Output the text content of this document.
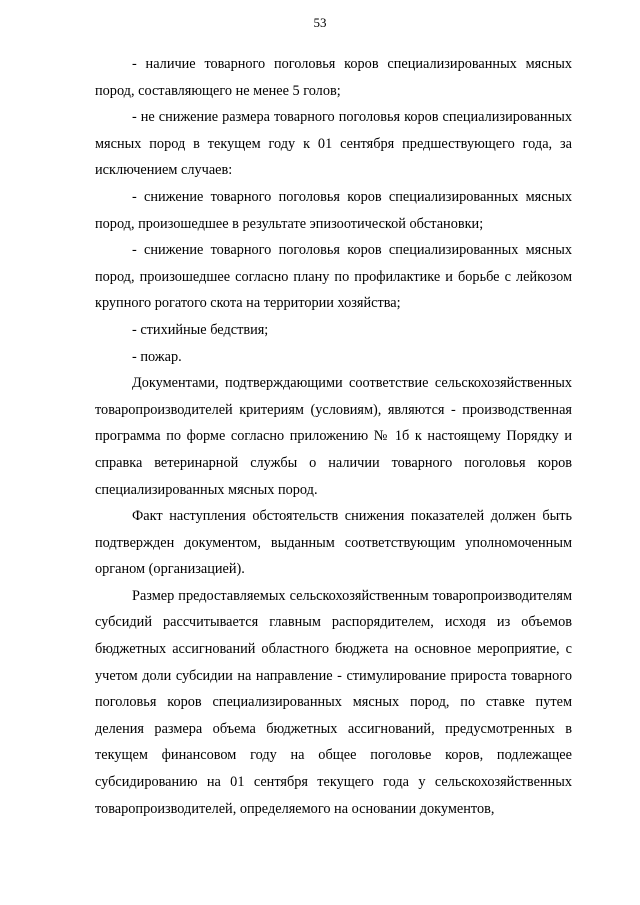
53

- наличие товарного поголовья коров специализированных мясных пород, составляющего не менее 5 голов;

- не снижение размера товарного поголовья коров специализированных мясных пород в текущем году к 01 сентября предшествующего года, за исключением случаев:

- снижение товарного поголовья коров специализированных мясных пород, произошедшее в результате эпизоотической обстановки;

- снижение товарного поголовья коров специализированных мясных пород, произошедшее согласно плану по профилактике и борьбе с лейкозом крупного рогатого скота на территории хозяйства;

- стихийные бедствия;

- пожар.

Документами, подтверждающими соответствие сельскохозяйственных товаропроизводителей критериям (условиям), являются - производственная программа по форме согласно приложению № 1б к настоящему Порядку и справка ветеринарной службы о наличии товарного поголовья коров специализированных мясных пород.

Факт наступления обстоятельств снижения показателей должен быть подтвержден документом, выданным соответствующим уполномоченным органом (организацией).

Размер предоставляемых сельскохозяйственным товаропроизводителям субсидий рассчитывается главным распорядителем, исходя из объемов бюджетных ассигнований областного бюджета на основное мероприятие, с учетом доли субсидии на направление - стимулирование прироста товарного поголовья коров специализированных мясных пород, по ставке путем деления размера объема бюджетных ассигнований, предусмотренных в текущем финансовом году на общее поголовье коров, подлежащее субсидированию на 01 сентября текущего года у сельскохозяйственных товаропроизводителей, определяемого на основании документов,
